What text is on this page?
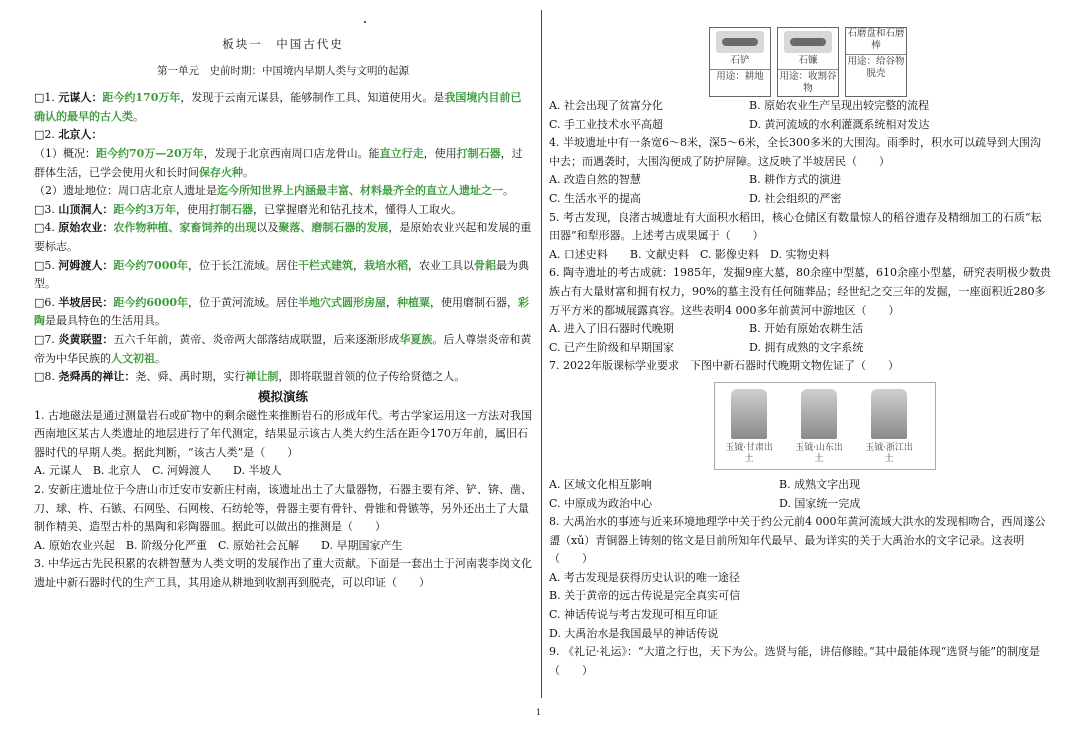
板块一　中国古代史

第一单元　史前时期：中国境内早期人类与文明的起源

□1. 元谋人：距今约170万年，发现于云南元谋县，能够制作工具、知道使用火。是我国境内目前已确认的最早的古人类。

□2. 北京人：

（1）概况：距今约70万—20万年，发现于北京西南周口店龙骨山。能直立行走，使用打制石器，过群体生活，已学会使用火和长时间保存火种。

（2）遗址地位：周口店北京人遗址是迄今所知世界上内涵最丰富、材料最齐全的直立人遗址之一。

□3. 山顶洞人：距今约3万年，使用打制石器，已掌握磨光和钻孔技术，懂得人工取火。

□4. 原始农业：农作物种植、家畜饲养的出现以及聚落、磨制石器的发展，是原始农业兴起和发展的重要标志。

□5. 河姆渡人：距今约7000年，位于长江流域。居住干栏式建筑，栽培水稻，农业工具以骨耜最为典型。

□6. 半坡居民：距今约6000年，位于黄河流域。居住半地穴式圆形房屋，种植粟，使用磨制石器，彩陶是最具特色的生活用具。

□7. 炎黄联盟：五六千年前，黄帝、炎帝两大部落结成联盟，后来逐渐形成华夏族。后人尊崇炎帝和黄帝为中华民族的人文初祖。

□8. 尧舜禹的禅让：尧、舜、禹时期，实行禅让制，即将联盟首领的位子传给贤德之人。

模拟演练

1. 古地磁法是通过测量岩石或矿物中的剩余磁性来推断岩石的形成年代。考古学家运用这一方法对我国西南地区某古人类遗址的地层进行了年代测定，结果显示该古人类大约生活在距今170万年前，属旧石器时代的早期人类。据此判断，“该古人类”是（　　）

A. 元谋人　B. 北京人　C. 河姆渡人　　D. 半坡人

2. 安新庄遗址位于今唐山市迁安市安新庄村南，该遗址出土了大量器物，石器主要有斧、铲、锛、凿、刀、球、杵、石镞、石网坠、石网梭、石纺轮等，骨器主要有骨针、骨锥和骨镞等，另外还出土了大量制作精美、造型古朴的黑陶和彩陶器皿。据此可以做出的推测是（　　）

A. 原始农业兴起　B. 阶级分化严重　C. 原始社会瓦解　　D. 早期国家产生

3. 中华远古先民积累的农耕智慧为人类文明的发展作出了重大贡献。下面是一套出土于河南裴李岗文化遗址中新石器时代的生产工具，其用途从耕地到收割再到脱壳，可以印证（　　）

石铲
用途：耕地
石镰
用途：收割谷物
石磨盘和石磨棒
用途：给谷物脱壳
A. 社会出现了贫富分化	B. 原始农业生产呈现出较完整的流程
C. 手工业技术水平高超	D. 黄河流域的水利灌溉系统相对发达

4. 半坡遗址中有一条宽6～8米，深5～6米，全长300多米的大围沟。雨季时，积水可以疏导到大围沟中去；而遇袭时，大围沟便成了防护屏障。这反映了半坡居民（　　）

A. 改造自然的智慧	B. 耕作方式的演进
C. 生活水平的提高	D. 社会组织的严密

5. 考古发现，良渚古城遗址有大面积水稻田，核心仓储区有数量惊人的稻谷遗存及精细加工的石质“耘田器”和犁形器。上述考古成果属于（　　）

A. 口述史料　　B. 文献史料　C. 影像史料　D. 实物史料

6. 陶寺遗址的考古成就：1985年，发掘9座大墓，80余座中型墓，610余座小型墓，研究表明极少数贵族占有大量财富和拥有权力，90%的墓主没有任何随葬品；经世纪之交三年的发掘，一座面积近280多万平方米的都城展露真容。这些表明4 000多年前黄河中游地区（　　）

A. 进入了旧石器时代晚期	B. 开始有原始农耕生活
C. 已产生阶级和早期国家	D. 拥有成熟的文字系统

7. 2022年版课标学业要求　下图中新石器时代晚期文物佐证了（　　）

玉钺·甘肃出土
玉钺·山东出土
玉钺·浙江出土
A. 区域文化相互影响	B. 成熟文字出现
C. 中原成为政治中心	D. 国家统一完成

8. 大禹治水的事迹与近来环境地理学中关于约公元前4 000年黄河流域大洪水的发现相吻合，西周遂公盨（xǔ）青铜器上铸刻的铭文是目前所知年代最早、最为详实的关于大禹治水的文字记录。这表明（　　）

A. 考古发现是获得历史认识的唯一途径

B. 关于黄帝的远古传说是完全真实可信

C. 神话传说与考古发现可相互印证

D. 大禹治水是我国最早的神话传说

9. 《礼记·礼运》：“大道之行也，天下为公。选贤与能，讲信修睦。”其中最能体现“选贤与能”的制度是（　　）

1
